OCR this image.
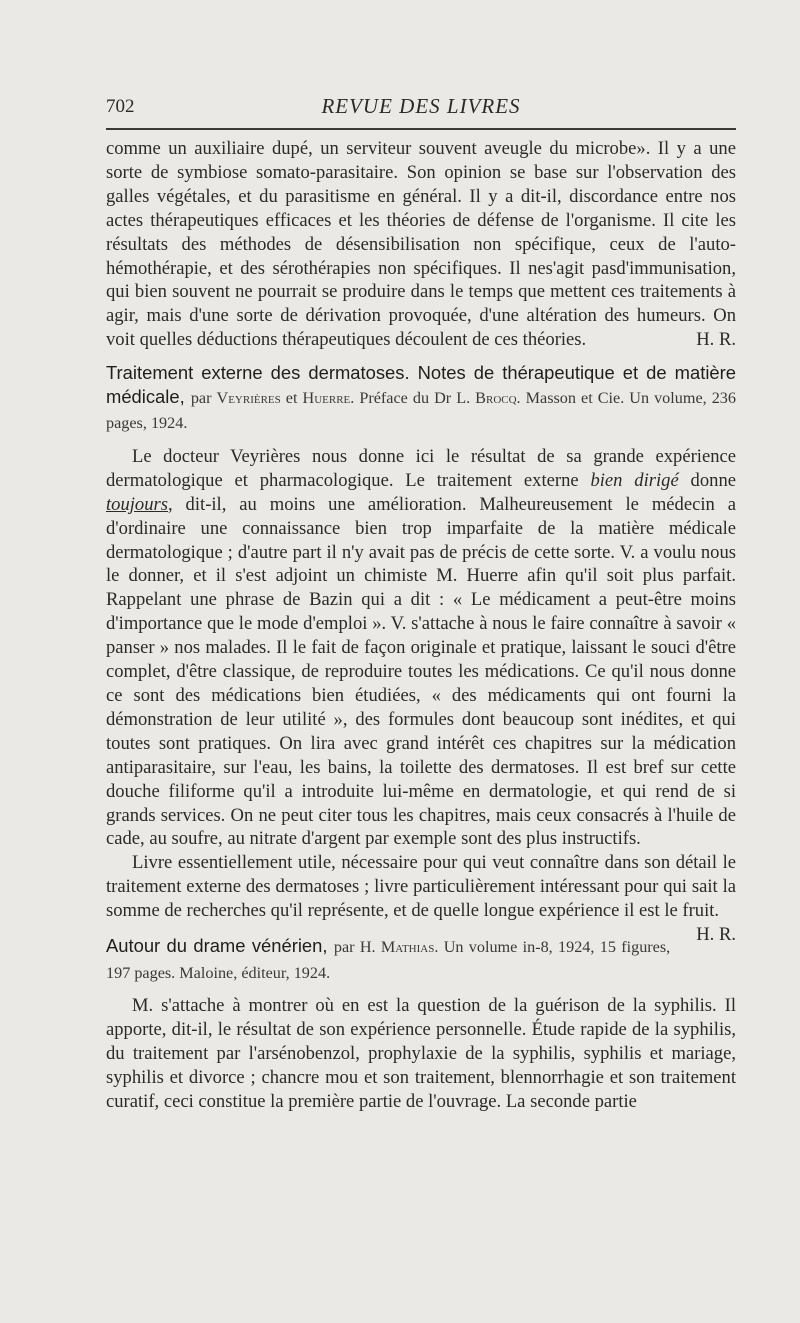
702	REVUE DES LIVRES

comme un auxiliaire dupé, un serviteur souvent aveugle du microbe». Il y a une sorte de symbiose somato-parasitaire. Son opinion se base sur l'observation des galles végétales, et du parasitisme en général. Il y a dit-il, discordance entre nos actes thérapeutiques efficaces et les théories de défense de l'organisme. Il cite les résultats des méthodes de désensibilisation non spécifique, ceux de l'auto-hémothérapie, et des sérothérapies non spécifiques. Il nes'agit pasd'immunisation, qui bien souvent ne pourrait se produire dans le temps que mettent ces traitements à agir, mais d'une sorte de dérivation provoquée, d'une altération des humeurs. On voit quelles déductions thérapeutiques découlent de ces théories.	H. R.

Traitement externe des dermatoses. Notes de thérapeutique et de matière médicale, par Veyrières et Huerre. Préface du Dr L. Brocq. Masson et Cie. Un volume, 236 pages, 1924.

Le docteur Veyrières nous donne ici le résultat de sa grande expérience dermatologique et pharmacologique. Le traitement externe bien dirigé donne toujours, dit-il, au moins une amélioration. Malheureusement le médecin a d'ordinaire une connaissance bien trop imparfaite de la matière médicale dermatologique ; d'autre part il n'y avait pas de précis de cette sorte. V. a voulu nous le donner, et il s'est adjoint un chimiste M. Huerre afin qu'il soit plus parfait. Rappelant une phrase de Bazin qui a dit : « Le médicament a peut-être moins d'importance que le mode d'emploi ». V. s'attache à nous le faire connaître à savoir « panser » nos malades. Il le fait de façon originale et pratique, laissant le souci d'être complet, d'être classique, de reproduire toutes les médications. Ce qu'il nous donne ce sont des médications bien étudiées, « des médicaments qui ont fourni la démonstration de leur utilité », des formules dont beaucoup sont inédites, et qui toutes sont pratiques. On lira avec grand intérêt ces chapitres sur la médication antiparasitaire, sur l'eau, les bains, la toilette des dermatoses. Il est bref sur cette douche filiforme qu'il a introduite lui-même en dermatologie, et qui rend de si grands services. On ne peut citer tous les chapitres, mais ceux consacrés à l'huile de cade, au soufre, au nitrate d'argent par exemple sont des plus instructifs.

Livre essentiellement utile, nécessaire pour qui veut connaître dans son détail le traitement externe des dermatoses ; livre particulièrement intéressant pour qui sait la somme de recherches qu'il représente, et de quelle longue expérience il est le fruit.
H. R.

Autour du drame vénérien, par H. Mathias. Un volume in-8, 1924, 15 figures, 197 pages. Maloine, éditeur, 1924.

M. s'attache à montrer où en est la question de la guérison de la syphilis. Il apporte, dit-il, le résultat de son expérience personnelle. Étude rapide de la syphilis, du traitement par l'arsénobenzol, prophylaxie de la syphilis, syphilis et mariage, syphilis et divorce ; chancre mou et son traitement, blennorrhagie et son traitement curatif, ceci constitue la première partie de l'ouvrage. La seconde partie
